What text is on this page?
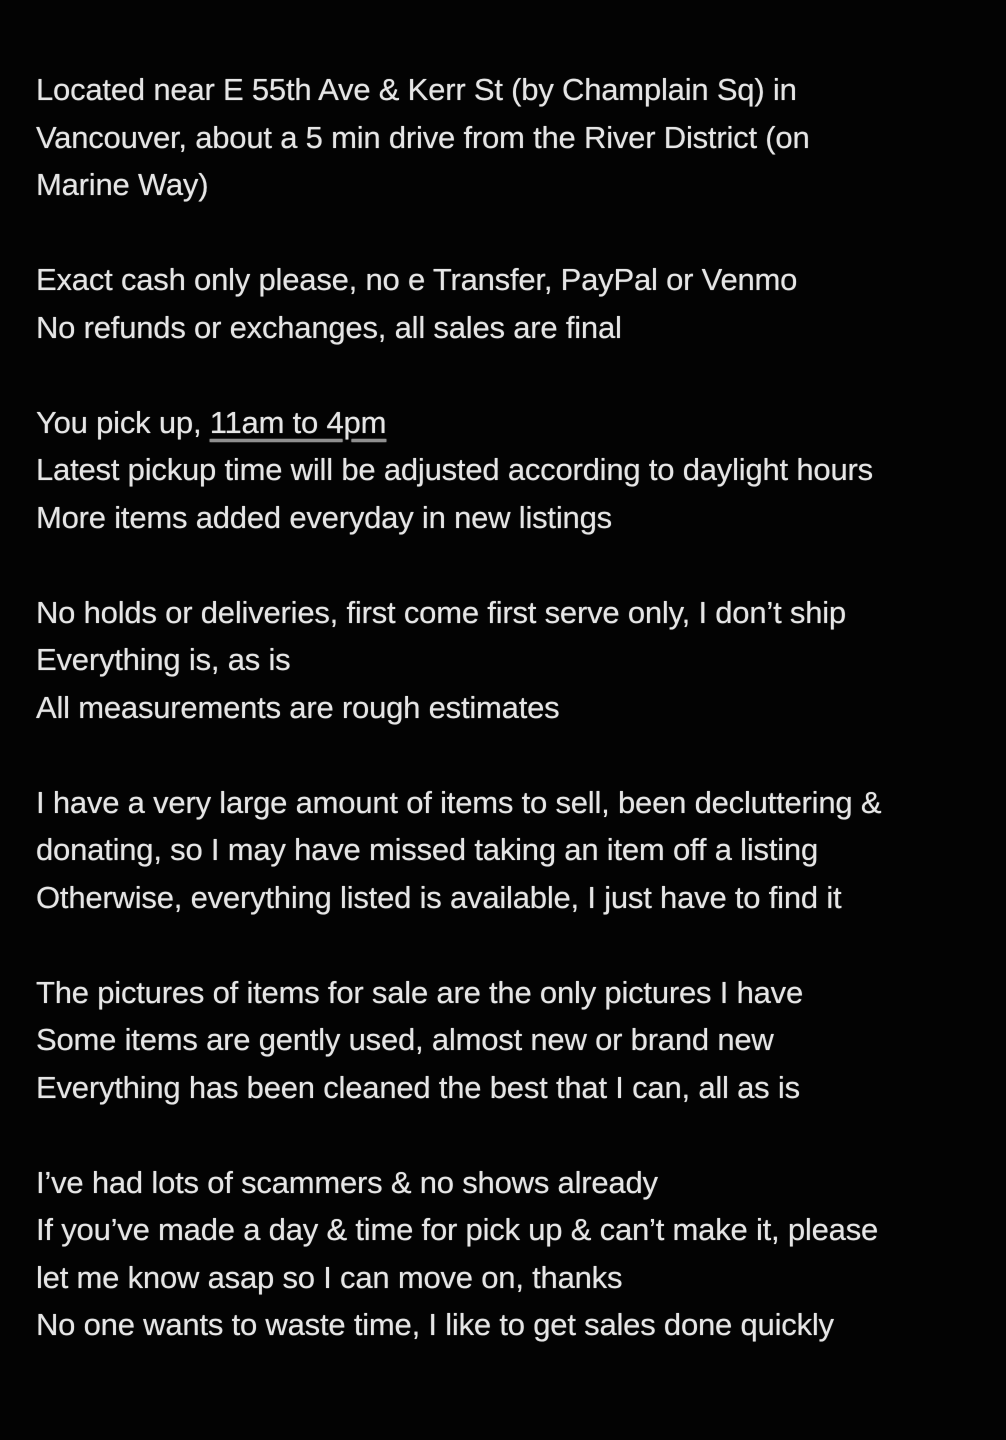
Located near E 55th Ave & Kerr St (by Champlain Sq) in
Vancouver, about a 5 min drive from the River District (on
Marine Way)

Exact cash only please, no e Transfer, PayPal or Venmo
No refunds or exchanges, all sales are final

You pick up, 11am to 4pm
Latest pickup time will be adjusted according to daylight hours
More items added everyday in new listings

No holds or deliveries, first come first serve only, I don’t ship
Everything is, as is
All measurements are rough estimates

I have a very large amount of items to sell, been decluttering &
donating, so I may have missed taking an item off a listing
Otherwise, everything listed is available, I just have to find it

The pictures of items for sale are the only pictures I have
Some items are gently used, almost new or brand new
Everything has been cleaned the best that I can, all as is

I’ve had lots of scammers & no shows already
If you’ve made a day & time for pick up & can’t make it, please
let me know asap so I can move on, thanks
No one wants to waste time, I like to get sales done quickly
